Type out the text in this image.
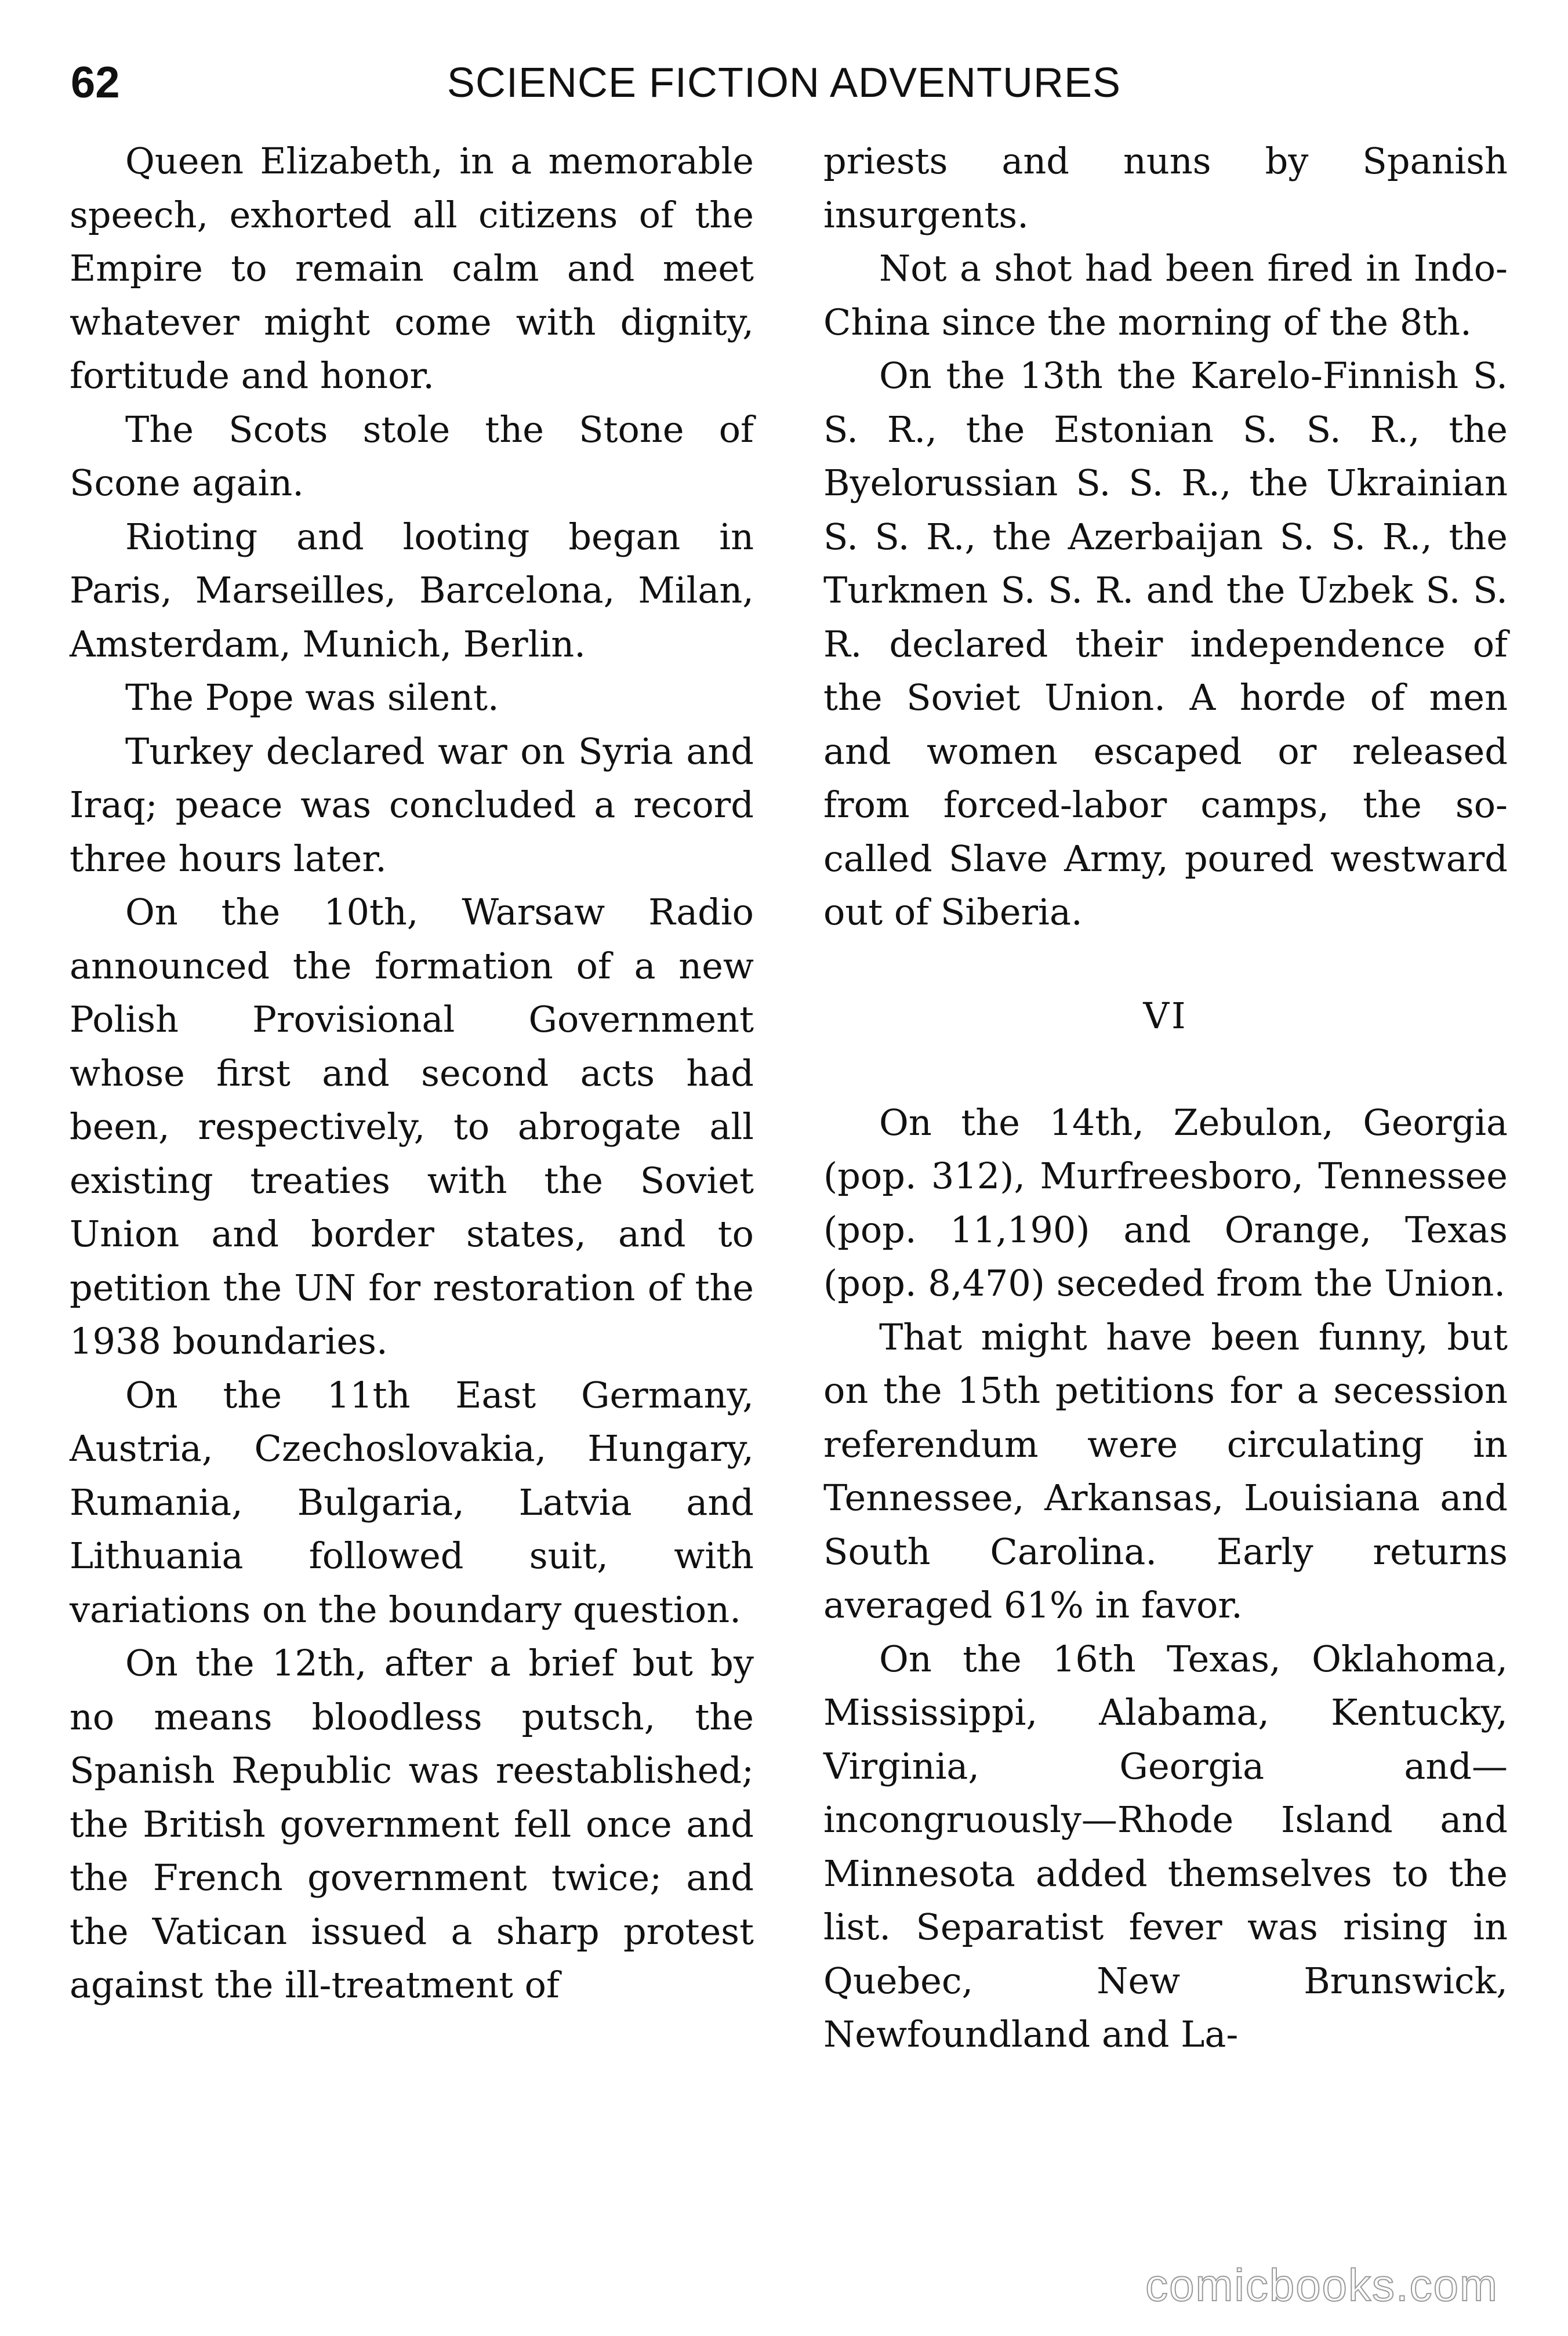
62	SCIENCE FICTION ADVENTURES

Queen Elizabeth, in a memorable speech, exhorted all citizens of the Empire to remain calm and meet whatever might come with dignity, fortitude and honor.

The Scots stole the Stone of Scone again.

Rioting and looting began in Paris, Marseilles, Barcelona, Milan, Amsterdam, Munich, Berlin.

The Pope was silent.

Turkey declared war on Syria and Iraq; peace was concluded a record three hours later.

On the 10th, Warsaw Radio announced the formation of a new Polish Provisional Government whose first and second acts had been, respectively, to abrogate all existing treaties with the Soviet Union and border states, and to petition the UN for restoration of the 1938 boundaries.

On the 11th East Germany, Austria, Czechoslovakia, Hungary, Rumania, Bulgaria, Latvia and Lithuania followed suit, with variations on the boundary question.

On the 12th, after a brief but by no means bloodless putsch, the Spanish Republic was reestablished; the British government fell once and the French government twice; and the Vatican issued a sharp protest against the ill-treatment of

priests and nuns by Spanish insurgents.

Not a shot had been fired in Indo-China since the morning of the 8th.

On the 13th the Karelo-Finnish S. S. R., the Estonian S. S. R., the Byelorussian S. S. R., the Ukrainian S. S. R., the Azerbaijan S. S. R., the Turkmen S. S. R. and the Uzbek S. S. R. declared their independence of the Soviet Union. A horde of men and women escaped or released from forced-labor camps, the so-called Slave Army, poured westward out of Siberia.

VI

On the 14th, Zebulon, Georgia (pop. 312), Murfreesboro, Tennessee (pop. 11,190) and Orange, Texas (pop. 8,470) seceded from the Union.

That might have been funny, but on the 15th petitions for a secession referendum were circulating in Tennessee, Arkansas, Louisiana and South Carolina. Early returns averaged 61% in favor.

On the 16th Texas, Oklahoma, Mississippi, Alabama, Kentucky, Virginia, Georgia and— incongruously—Rhode Island and Minnesota added themselves to the list. Separatist fever was rising in Quebec, New Brunswick, Newfoundland and La-

comicbooks.com
